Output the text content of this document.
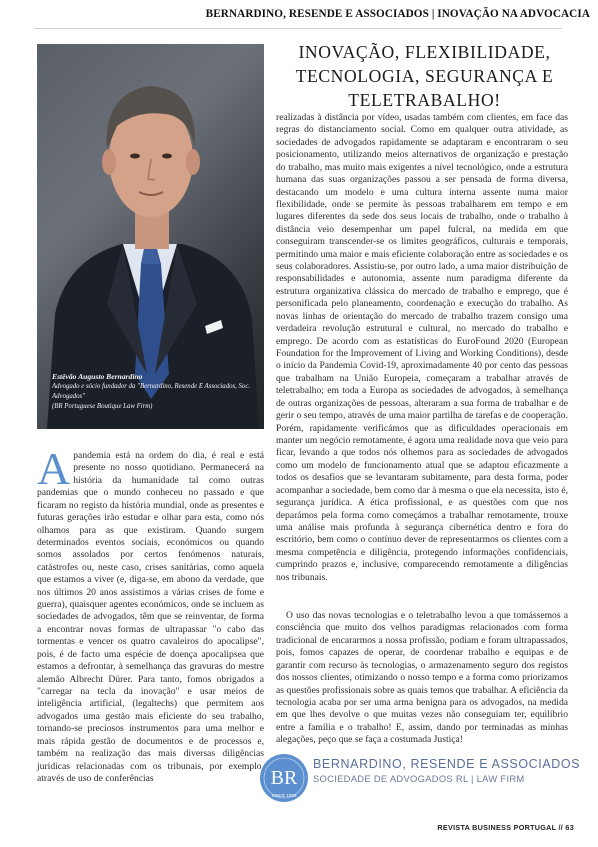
BERNARDINO, RESENDE E ASSOCIADOS | INOVAÇÃO NA ADVOCACIA
Estêvão Augusto Bernardino
Advogado e sócio fundador da "Bernardino, Resende E Associados, Soc. Advogados"
(BR Portuguese Boutique Law Firm)
INOVAÇÃO, FLEXIBILIDADE, TECNOLOGIA, SEGURANÇA E TELETRABALHO!

realizadas à distância por vídeo, usadas também com clientes, em face das regras do distanciamento social. Como em qualquer outra atividade, as sociedades de advogados rapidamente se adaptaram e encontraram o seu posicionamento, utilizando meios alternativos de organização e prestação do trabalho, mas muito mais exigentes a nível tecnológico, onde a estrutura humana das suas organizações passou a ser pensada de forma diversa, destacando um modelo e uma cultura interna assente numa maior flexibilidade, onde se permite às pessoas trabalharem em tempo e em lugares diferentes da sede dos seus locais de trabalho, onde o trabalho à distância veio desempenhar um papel fulcral, na medida em que conseguiram transcender-se os limites geográficos, culturais e temporais, permitindo uma maior e mais eficiente colaboração entre as sociedades e os seus colaboradores. Assistiu-se, por outro lado, a uma maior distribuição de responsabilidades e autonomia, assente num paradigma diferente da estrutura organizativa clássica do mercado de trabalho e emprego, que é personificada pelo planeamento, coordenação e execução do trabalho. As novas linhas de orientação do mercado de trabalho trazem consigo uma verdadeira revolução estrutural e cultural, no mercado do trabalho e emprego. De acordo com as estatísticas do EuroFound 2020 (European Foundation for the Improvement of Living and Working Conditions), desde o início da Pandemia Covid-19, aproximadamente 40 por cento das pessoas que trabalham na União Europeia, começaram a trabalhar através de teletrabalho; em toda a Europa as sociedades de advogados, à semelhança de outras organizações de pessoas, alteraram a sua forma de trabalhar e de gerir o seu tempo, através de uma maior partilha de tarefas e de cooperação. Porém, rapidamente verificámos que as dificuldades operacionais em manter um negócio remotamente, é agora uma realidade nova que veio para ficar, levando a que todos nós olhemos para as sociedades de advogados como um modelo de funcionamento atual que se adaptou eficazmente a todos os desafios que se levantaram subitamente, para desta forma, poder acompanhar a sociedade, bem como dar à mesma o que ela necessita, isto é, segurança jurídica. A ética profissional, e as questões com que nos deparámos pela forma como começámos a trabalhar remotamente, trouxe uma análise mais profunda à segurança cibernética dentro e fora do escritório, bem como o contínuo dever de representarmos os clientes com a mesma competência e diligência, protegendo informações confidenciais, cumprindo prazos e, inclusive, comparecendo remotamente a diligências nos tribunais.

A pandemia está na ordem do dia, é real e está presente no nosso quotidiano. Permanecerá na história da humanidade tal como outras pandemias que o mundo conheceu no passado e que ficaram no registo da história mundial, onde as presentes e futuras gerações irão estudar e olhar para esta, como nós olhamos para as que existiram. Quando surgem determinados eventos sociais, económicos ou quando somos assolados por certos fenómenos naturais, catástrofes ou, neste caso, crises sanitárias, como aquela que estamos a viver (e, diga-se, em abono da verdade, que nos últimos 20 anos assistimos a várias crises de fome e guerra), quaisquer agentes económicos, onde se incluem as sociedades de advogados, têm que se reinventar, de forma a encontrar novas formas de ultrapassar "o cabo das tormentas e vencer os quatro cavaleiros do apocalipse", pois, é de facto uma espécie de doença apocalipsea que estamos a defrontar, à semelhança das gravuras do mestre alemão Albrecht Dürer. Para tanto, fomos obrigados a "carregar na tecla da inovação" e usar meios de inteligência artificial, (legaltechs) que permitem aos advogados uma gestão mais eficiente do seu trabalho, tornando-se preciosos instrumentos para uma melhor e mais rápida gestão de documentos e de processos e, também na realização das mais diversas diligências jurídicas relacionadas com os tribunais, por exemplo, através de uso de conferências

O uso das novas tecnologias e o teletrabalho levou a que tomássemos a consciência que muito dos velhos paradigmas relacionados com forma tradicional de encararmos a nossa profissão, podiam e foram ultrapassados, pois, fomos capazes de operar, de coordenar trabalho e equipas e de garantir com recurso às tecnologias, o armazenamento seguro dos registos dos nossos clientes, otimizando o nosso tempo e a forma como priorizamos as questões profissionais sobre as quais temos que trabalhar. A eficiência da tecnologia acaba por ser uma arma benigna para os advogados, na medida em que lhes devolve o que muitas vezes não conseguiam ter, equilíbrio entre a família e o trabalho! E, assim, dando por terminadas as minhas alegações, peço que se faça a costumada Justiça!

BR
SINCE 1999
BERNARDINO, RESENDE E ASSOCIADOS
SOCIEDADE DE ADVOGADOS RL | LAW FIRM
REVISTA BUSINESS PORTUGAL // 63
